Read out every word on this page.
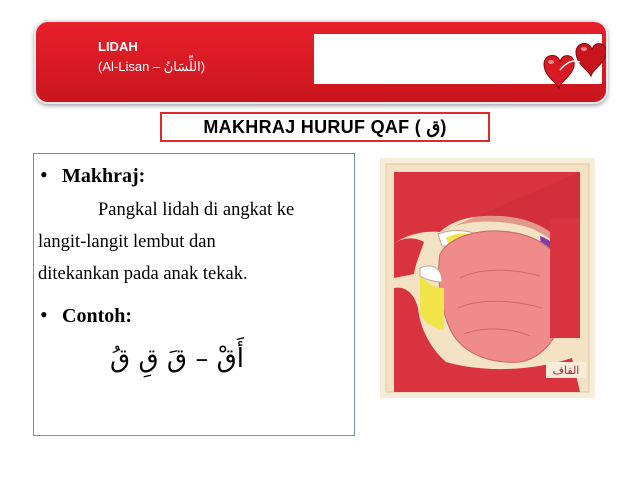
LIDAH
(Al-Lisan – اللِّسَانُ)
MAKHRAJ HURUF QAF ( ق)
• Makhraj:
Pangkal lidah di angkat ke
langit-langit lembut dan
ditekankan pada anak tekak.
• Contoh:
أَقْ – قَ قِ قُ	القاف
